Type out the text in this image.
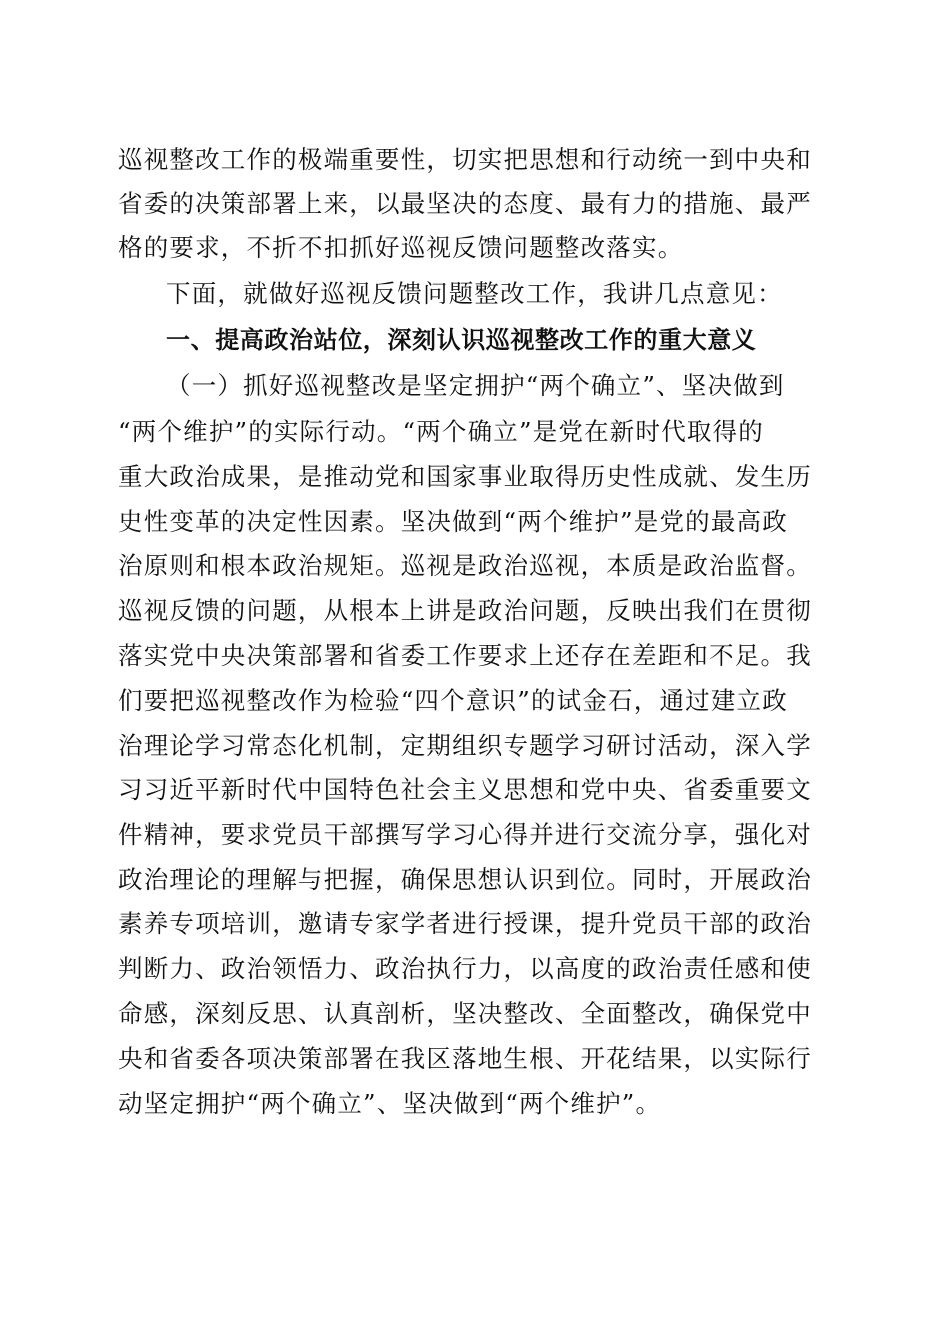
巡视整改工作的极端重要性，切实把思想和行动统一到中央和
省委的决策部署上来，以最坚决的态度、最有力的措施、最严
格的要求，不折不扣抓好巡视反馈问题整改落实。
下面，就做好巡视反馈问题整改工作，我讲几点意见：
一、提高政治站位，深刻认识巡视整改工作的重大意义
（一）抓好巡视整改是坚定拥护“两个确立”、坚决做到
“两个维护”的实际行动。“两个确立”是党在新时代取得的
重大政治成果，是推动党和国家事业取得历史性成就、发生历
史性变革的决定性因素。坚决做到“两个维护”是党的最高政
治原则和根本政治规矩。巡视是政治巡视，本质是政治监督。
巡视反馈的问题，从根本上讲是政治问题，反映出我们在贯彻
落实党中央决策部署和省委工作要求上还存在差距和不足。我
们要把巡视整改作为检验“四个意识”的试金石，通过建立政
治理论学习常态化机制，定期组织专题学习研讨活动，深入学
习习近平新时代中国特色社会主义思想和党中央、省委重要文
件精神，要求党员干部撰写学习心得并进行交流分享，强化对
政治理论的理解与把握，确保思想认识到位。同时，开展政治
素养专项培训，邀请专家学者进行授课，提升党员干部的政治
判断力、政治领悟力、政治执行力，以高度的政治责任感和使
命感，深刻反思、认真剖析，坚决整改、全面整改，确保党中
央和省委各项决策部署在我区落地生根、开花结果，以实际行
动坚定拥护“两个确立”、坚决做到“两个维护”。
